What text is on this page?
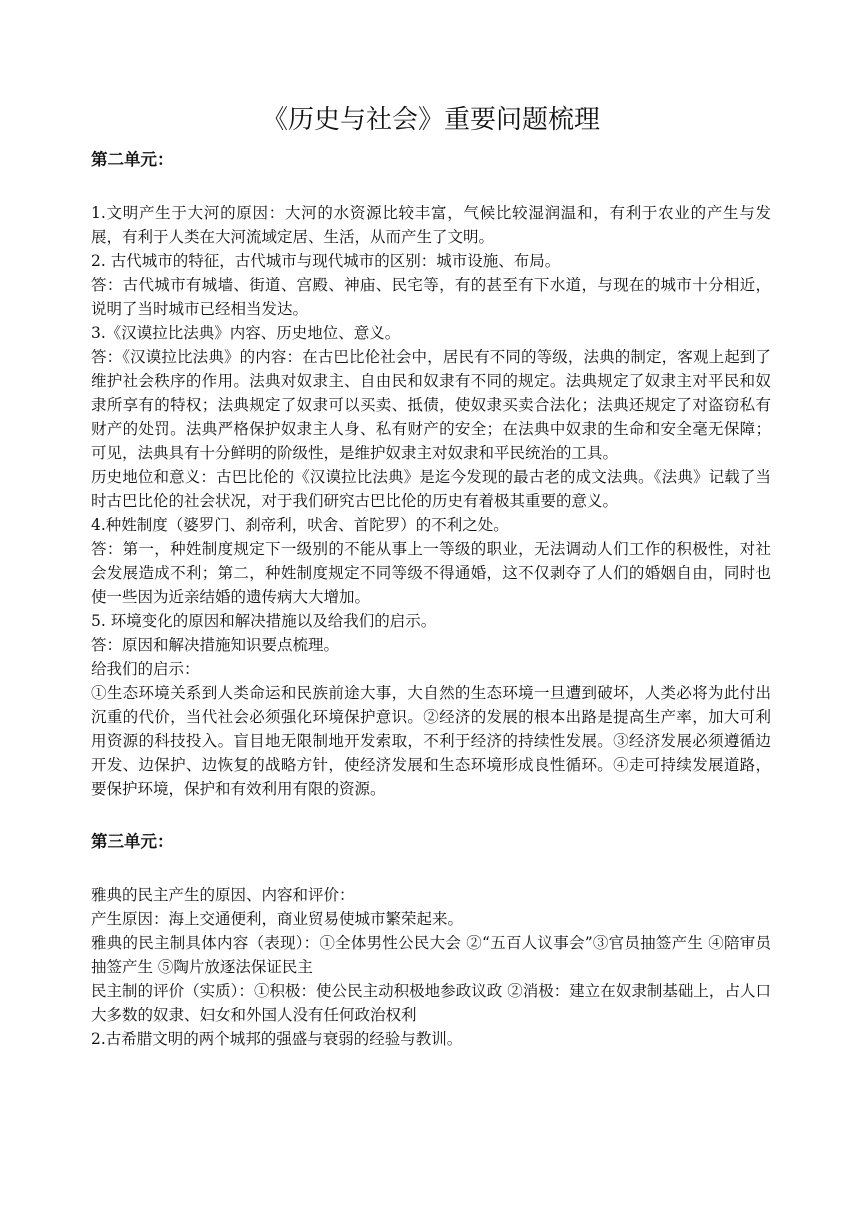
《历史与社会》重要问题梳理

第二单元：

1.文明产生于大河的原因：大河的水资源比较丰富，气候比较湿润温和，有利于农业的产生与发展，有利于人类在大河流域定居、生活，从而产生了文明。

2. 古代城市的特征，古代城市与现代城市的区别：城市设施、布局。

答：古代城市有城墙、街道、宫殿、神庙、民宅等，有的甚至有下水道，与现在的城市十分相近，说明了当时城市已经相当发达。

3.《汉谟拉比法典》内容、历史地位、意义。

答：《汉谟拉比法典》的内容：在古巴比伦社会中，居民有不同的等级，法典的制定，客观上起到了维护社会秩序的作用。法典对奴隶主、自由民和奴隶有不同的规定。法典规定了奴隶主对平民和奴隶所享有的特权；法典规定了奴隶可以买卖、抵债，使奴隶买卖合法化；法典还规定了对盗窃私有财产的处罚。法典严格保护奴隶主人身、私有财产的安全；在法典中奴隶的生命和安全毫无保障；可见，法典具有十分鲜明的阶级性，是维护奴隶主对奴隶和平民统治的工具。

历史地位和意义：古巴比伦的《汉谟拉比法典》是迄今发现的最古老的成文法典。《法典》记载了当时古巴比伦的社会状况，对于我们研究古巴比伦的历史有着极其重要的意义。

4.种姓制度（婆罗门、刹帝利，吠舍、首陀罗）的不利之处。

答：第一，种姓制度规定下一级别的不能从事上一等级的职业，无法调动人们工作的积极性，对社会发展造成不利；第二，种姓制度规定不同等级不得通婚，这不仅剥夺了人们的婚姻自由，同时也使一些因为近亲结婚的遗传病大大增加。

5. 环境变化的原因和解决措施以及给我们的启示。

答：原因和解决措施知识要点梳理。

给我们的启示：

①生态环境关系到人类命运和民族前途大事，大自然的生态环境一旦遭到破坏，人类必将为此付出沉重的代价，当代社会必须强化环境保护意识。②经济的发展的根本出路是提高生产率，加大可利用资源的科技投入。盲目地无限制地开发索取，不利于经济的持续性发展。③经济发展必须遵循边开发、边保护、边恢复的战略方针，使经济发展和生态环境形成良性循环。④走可持续发展道路，要保护环境，保护和有效利用有限的资源。

第三单元：

雅典的民主产生的原因、内容和评价：

产生原因：海上交通便利，商业贸易使城市繁荣起来。

雅典的民主制具体内容（表现）：①全体男性公民大会 ②“五百人议事会”③官员抽签产生 ④陪审员抽签产生 ⑤陶片放逐法保证民主

民主制的评价（实质）：①积极：使公民主动积极地参政议政 ②消极：建立在奴隶制基础上，占人口大多数的奴隶、妇女和外国人没有任何政治权利

2.古希腊文明的两个城邦的强盛与衰弱的经验与教训。
